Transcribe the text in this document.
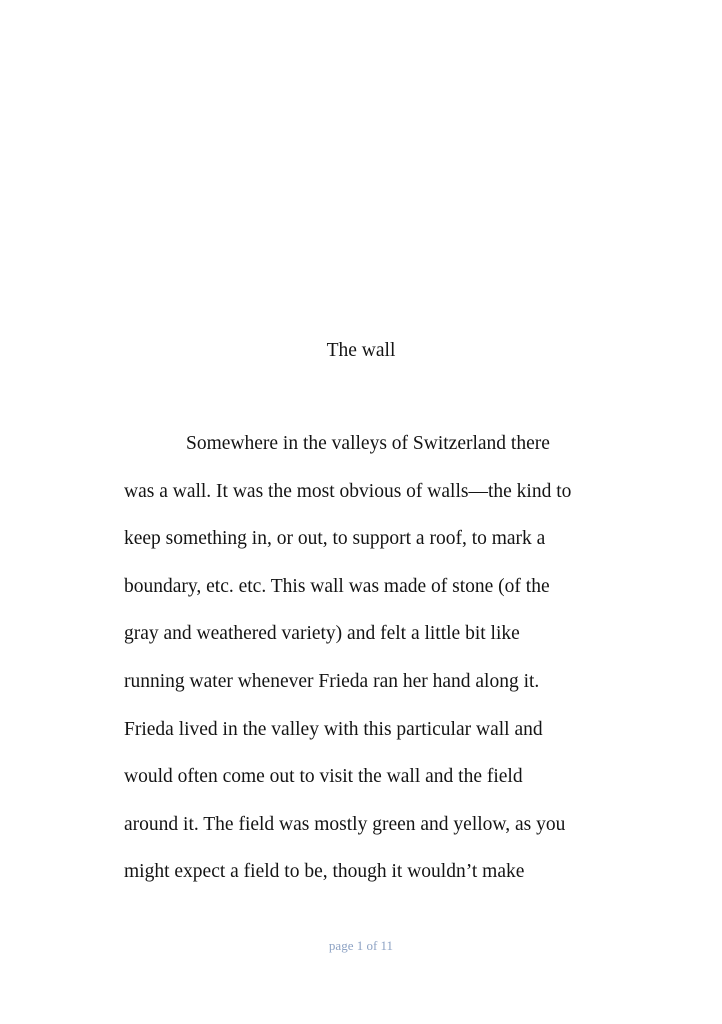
The wall
Somewhere in the valleys of Switzerland there
was a wall. It was the most obvious of walls—the kind to
keep something in, or out, to support a roof, to mark a
boundary, etc. etc. This wall was made of stone (of the
gray and weathered variety) and felt a little bit like
running water whenever Frieda ran her hand along it.
Frieda lived in the valley with this particular wall and
would often come out to visit the wall and the field
around it. The field was mostly green and yellow, as you
might expect a field to be, though it wouldn’t make
page 1 of 11
